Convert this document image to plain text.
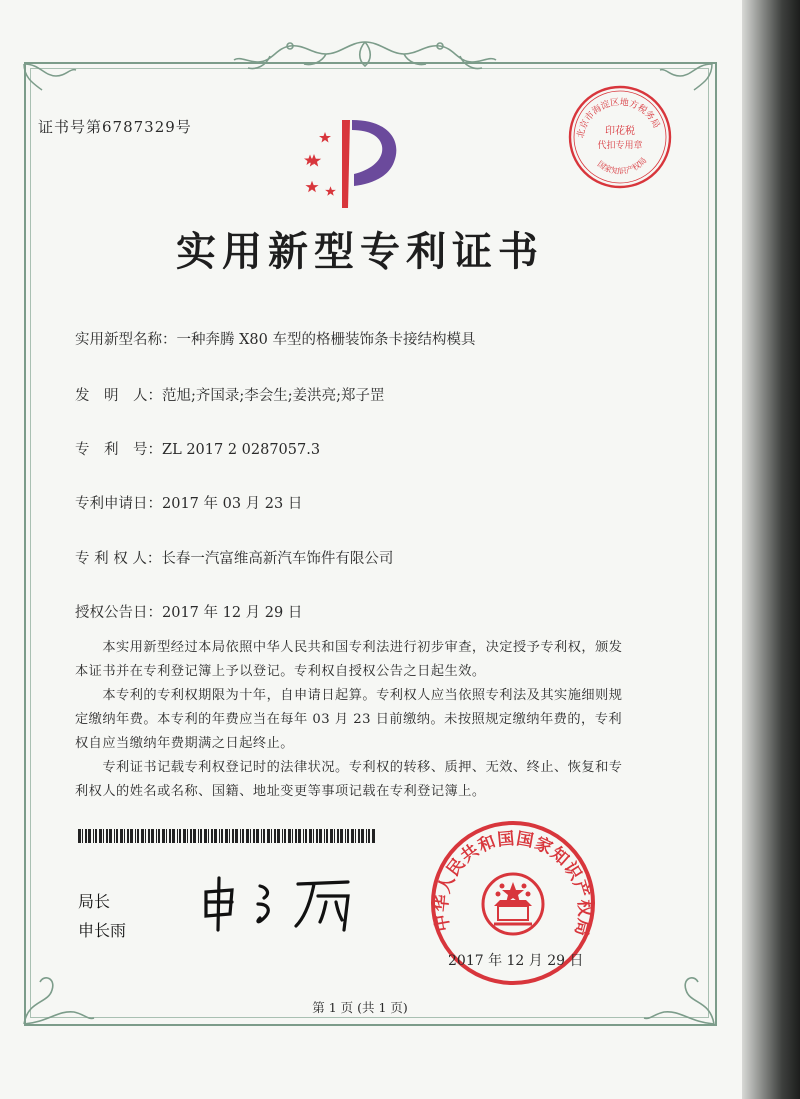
证书号第6787329号	北京市海淀区地方税务局
印花税
代扣专用章
国家知识产权局
实用新型专利证书
实用新型名称：一种奔腾 X80 车型的格栅装饰条卡接结构模具
发　明　人：范旭;齐国录;李会生;姜洪亮;郑子罡
专　利　号：ZL 2017 2 0287057.3
专利申请日：2017 年 03 月 23 日
专 利 权 人：长春一汽富维高新汽车饰件有限公司
授权公告日：2017 年 12 月 29 日
　　本实用新型经过本局依照中华人民共和国专利法进行初步审查，决定授予专利权，颁发本证书并在专利登记簿上予以登记。专利权自授权公告之日起生效。
　　本专利的专利权期限为十年，自申请日起算。专利权人应当依照专利法及其实施细则规定缴纳年费。本专利的年费应当在每年 03 月 23 日前缴纳。未按照规定缴纳年费的，专利权自应当缴纳年费期满之日起终止。
　　专利证书记载专利权登记时的法律状况。专利权的转移、质押、无效、终止、恢复和专利权人的姓名或名称、国籍、地址变更等事项记载在专利登记簿上。
局长
申长雨	中华人民共和国国家知识产权局
2017 年 12 月 29 日
第 1 页 (共 1 页)
